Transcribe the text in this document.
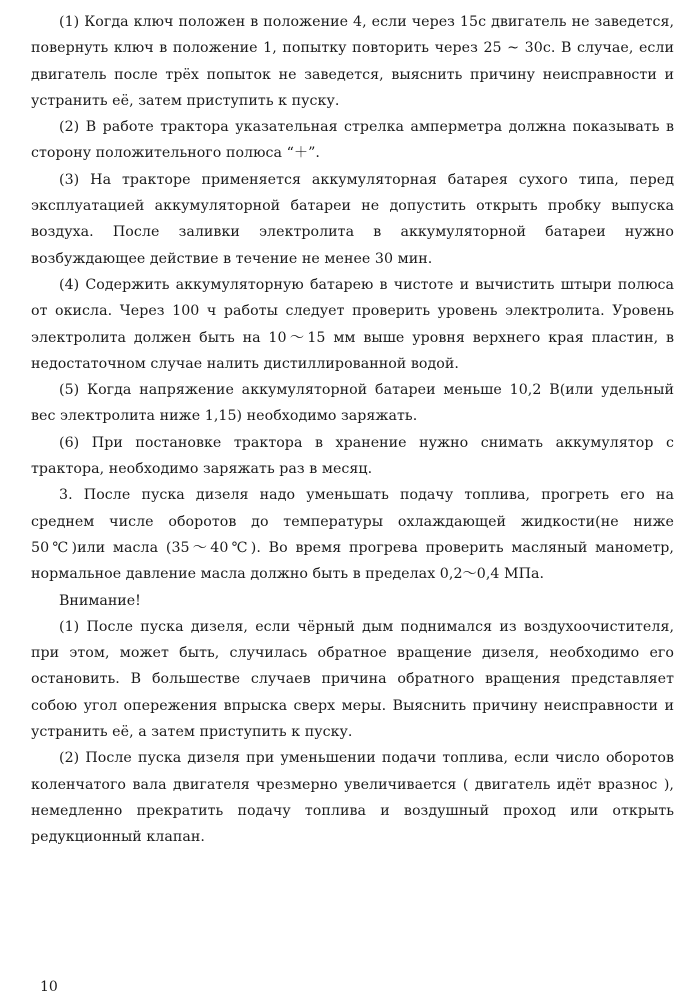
(1) Когда ключ положен в положение 4, если через 15с двигатель не заведется, повернуть ключ в положение 1, попытку повторить через 25 ~ 30с. В случае, если двигатель после трёх попыток не заведется, выяснить причину неисправности и устранить её, затем приступить к пуску.

(2) В работе трактора указательная стрелка амперметра должна показывать в сторону положительного полюса “＋”.

(3) На тракторе применяется аккумуляторная батарея сухого типа, перед эксплуатацией аккумуляторной батареи не допустить открыть пробку выпуска воздуха. После заливки электролита в аккумуляторной батареи нужно возбуждающее действие в течение не менее 30 мин.

(4) Содержить аккумуляторную батарею в чистоте и вычистить штыри полюса от окисла. Через 100 ч работы следует проверить уровень электролита. Уровень электролита должен быть на 10～15 мм выше уровня верхнего края пластин, в недостаточном случае налить дистиллированной водой.

(5) Когда напряжение аккумуляторной батареи меньше 10,2 В(или удельный вес электролита ниже 1,15) необходимо заряжать.

(6) При постановке трактора в хранение нужно снимать аккумулятор с трактора, необходимо заряжать раз в месяц.

3. После пуска дизеля надо уменьшать подачу топлива, прогреть его на среднем числе оборотов до температуры охлаждающей жидкости(не ниже 50℃)или масла (35～40℃). Во время прогрева проверить масляный манометр, нормальное давление масла должно быть в пределах 0,2～0,4 МПа.

Внимание!

(1) После пуска дизеля, если чёрный дым поднимался из воздухоочистителя, при этом, может быть, случилась обратное вращение дизеля, необходимо его остановить. В большестве случаев причина обратного вращения представляет собою угол опережения впрыска сверх меры. Выяснить причину неисправности и устранить её, а затем приступить к пуску.

(2) После пуска дизеля при уменьшении подачи топлива, если число оборотов коленчатого вала двигателя чрезмерно увеличивается ( двигатель идёт вразнос ), немедленно прекратить подачу топлива и воздушный проход или открыть редукционный клапан.

10
